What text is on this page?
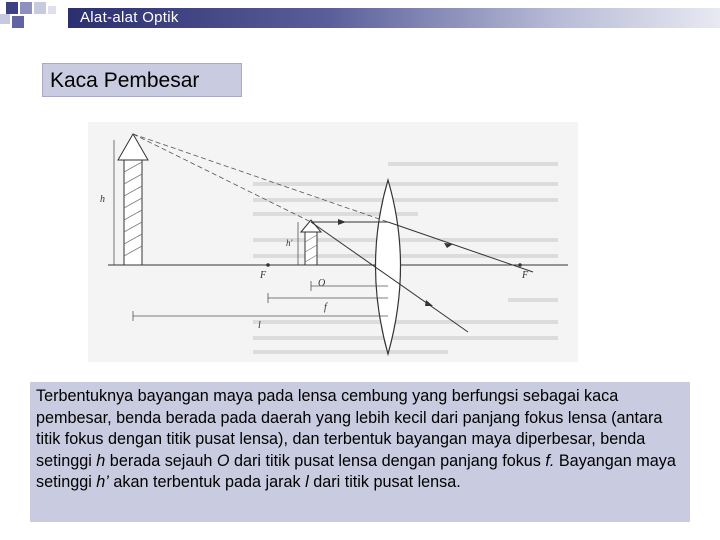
Alat-alat Optik
Kaca Pembesar
h
h'
F
O
F
f
l

Terbentuknya bayangan maya pada lensa cembung yang berfungsi sebagai kaca pembesar, benda berada pada daerah yang lebih kecil dari panjang fokus lensa (antara titik fokus dengan titik pusat lensa), dan terbentuk bayangan maya diperbesar, benda setinggi h berada sejauh O dari titik pusat lensa dengan panjang fokus f. Bayangan maya setinggi h’ akan terbentuk pada jarak l dari titik pusat lensa.
